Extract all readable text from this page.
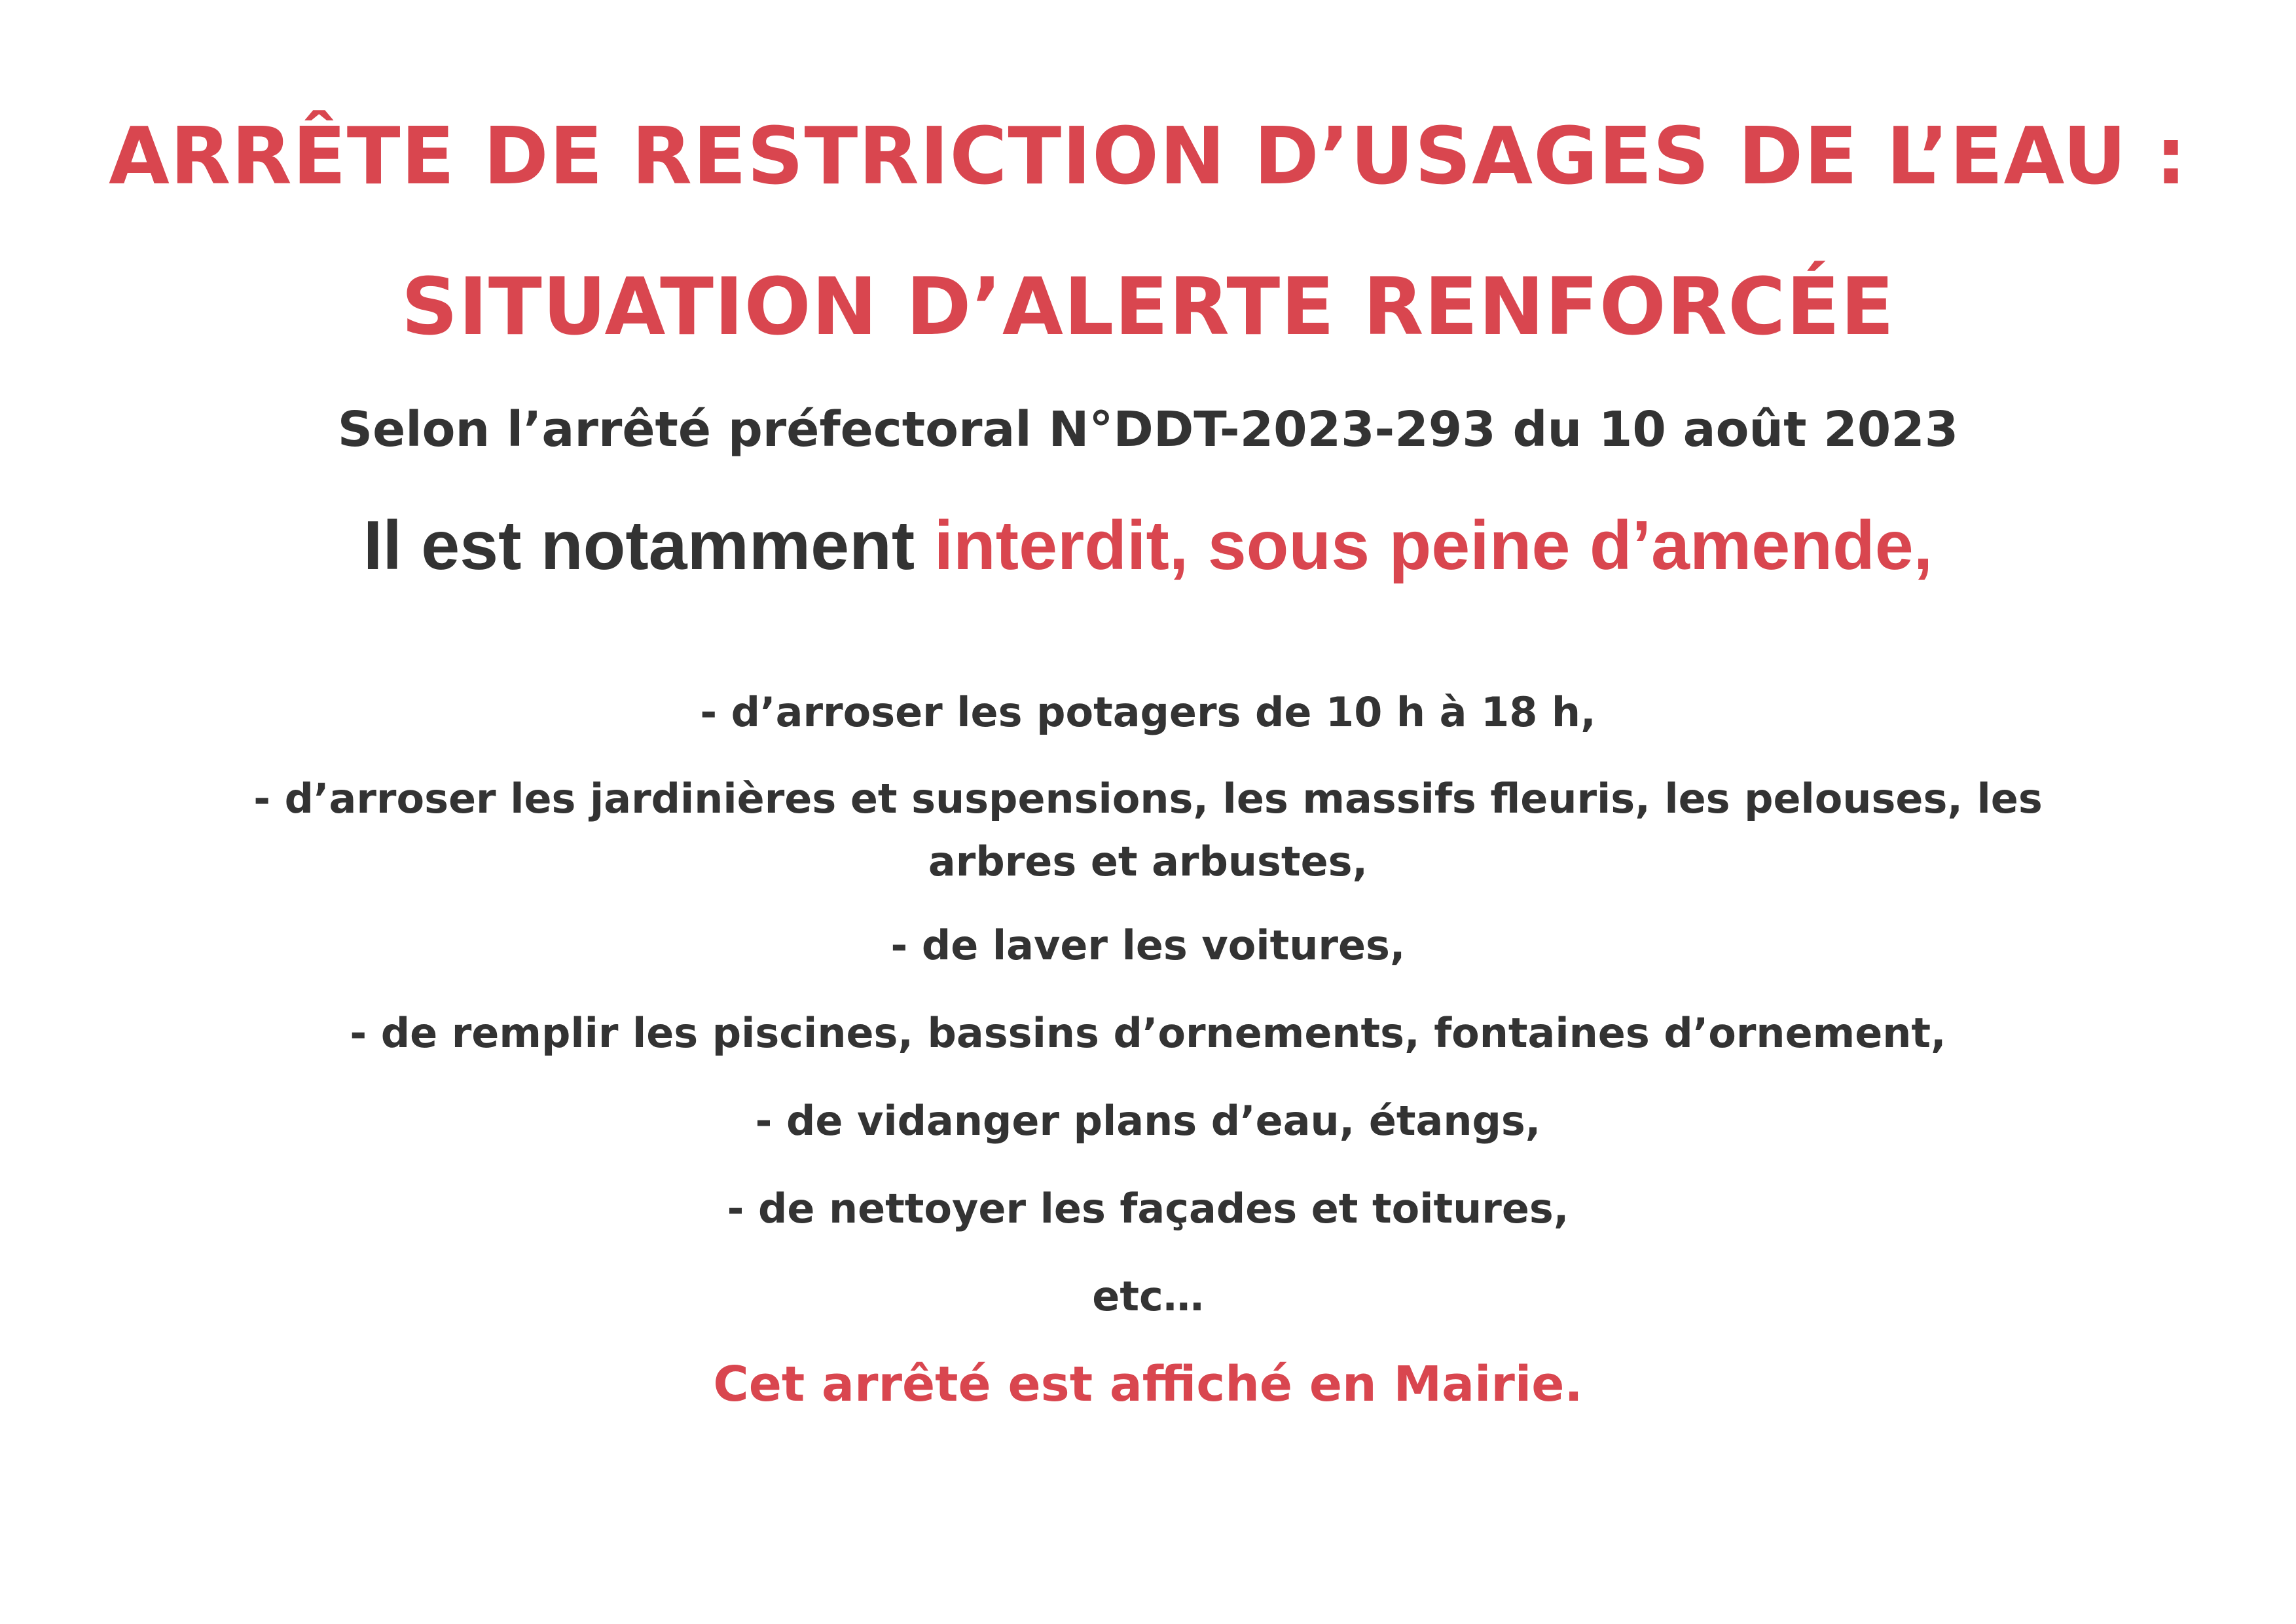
ARRÊTE DE RESTRICTION D’USAGES DE L’EAU :
SITUATION D’ALERTE RENFORCÉE

Selon l’arrêté préfectoral N°DDT-2023-293 du 10 août 2023

Il est notamment interdit, sous peine d’amende,

- d’arroser les potagers de 10 h à 18 h,
- d’arroser les jardinières et suspensions, les massifs fleuris, les pelouses, les arbres et arbustes,
- de laver les voitures,
- de remplir les piscines, bassins d’ornements, fontaines d’ornement,
- de vidanger plans d’eau, étangs,
- de nettoyer les façades et toitures,
etc…

Cet arrêté est affiché en Mairie.
